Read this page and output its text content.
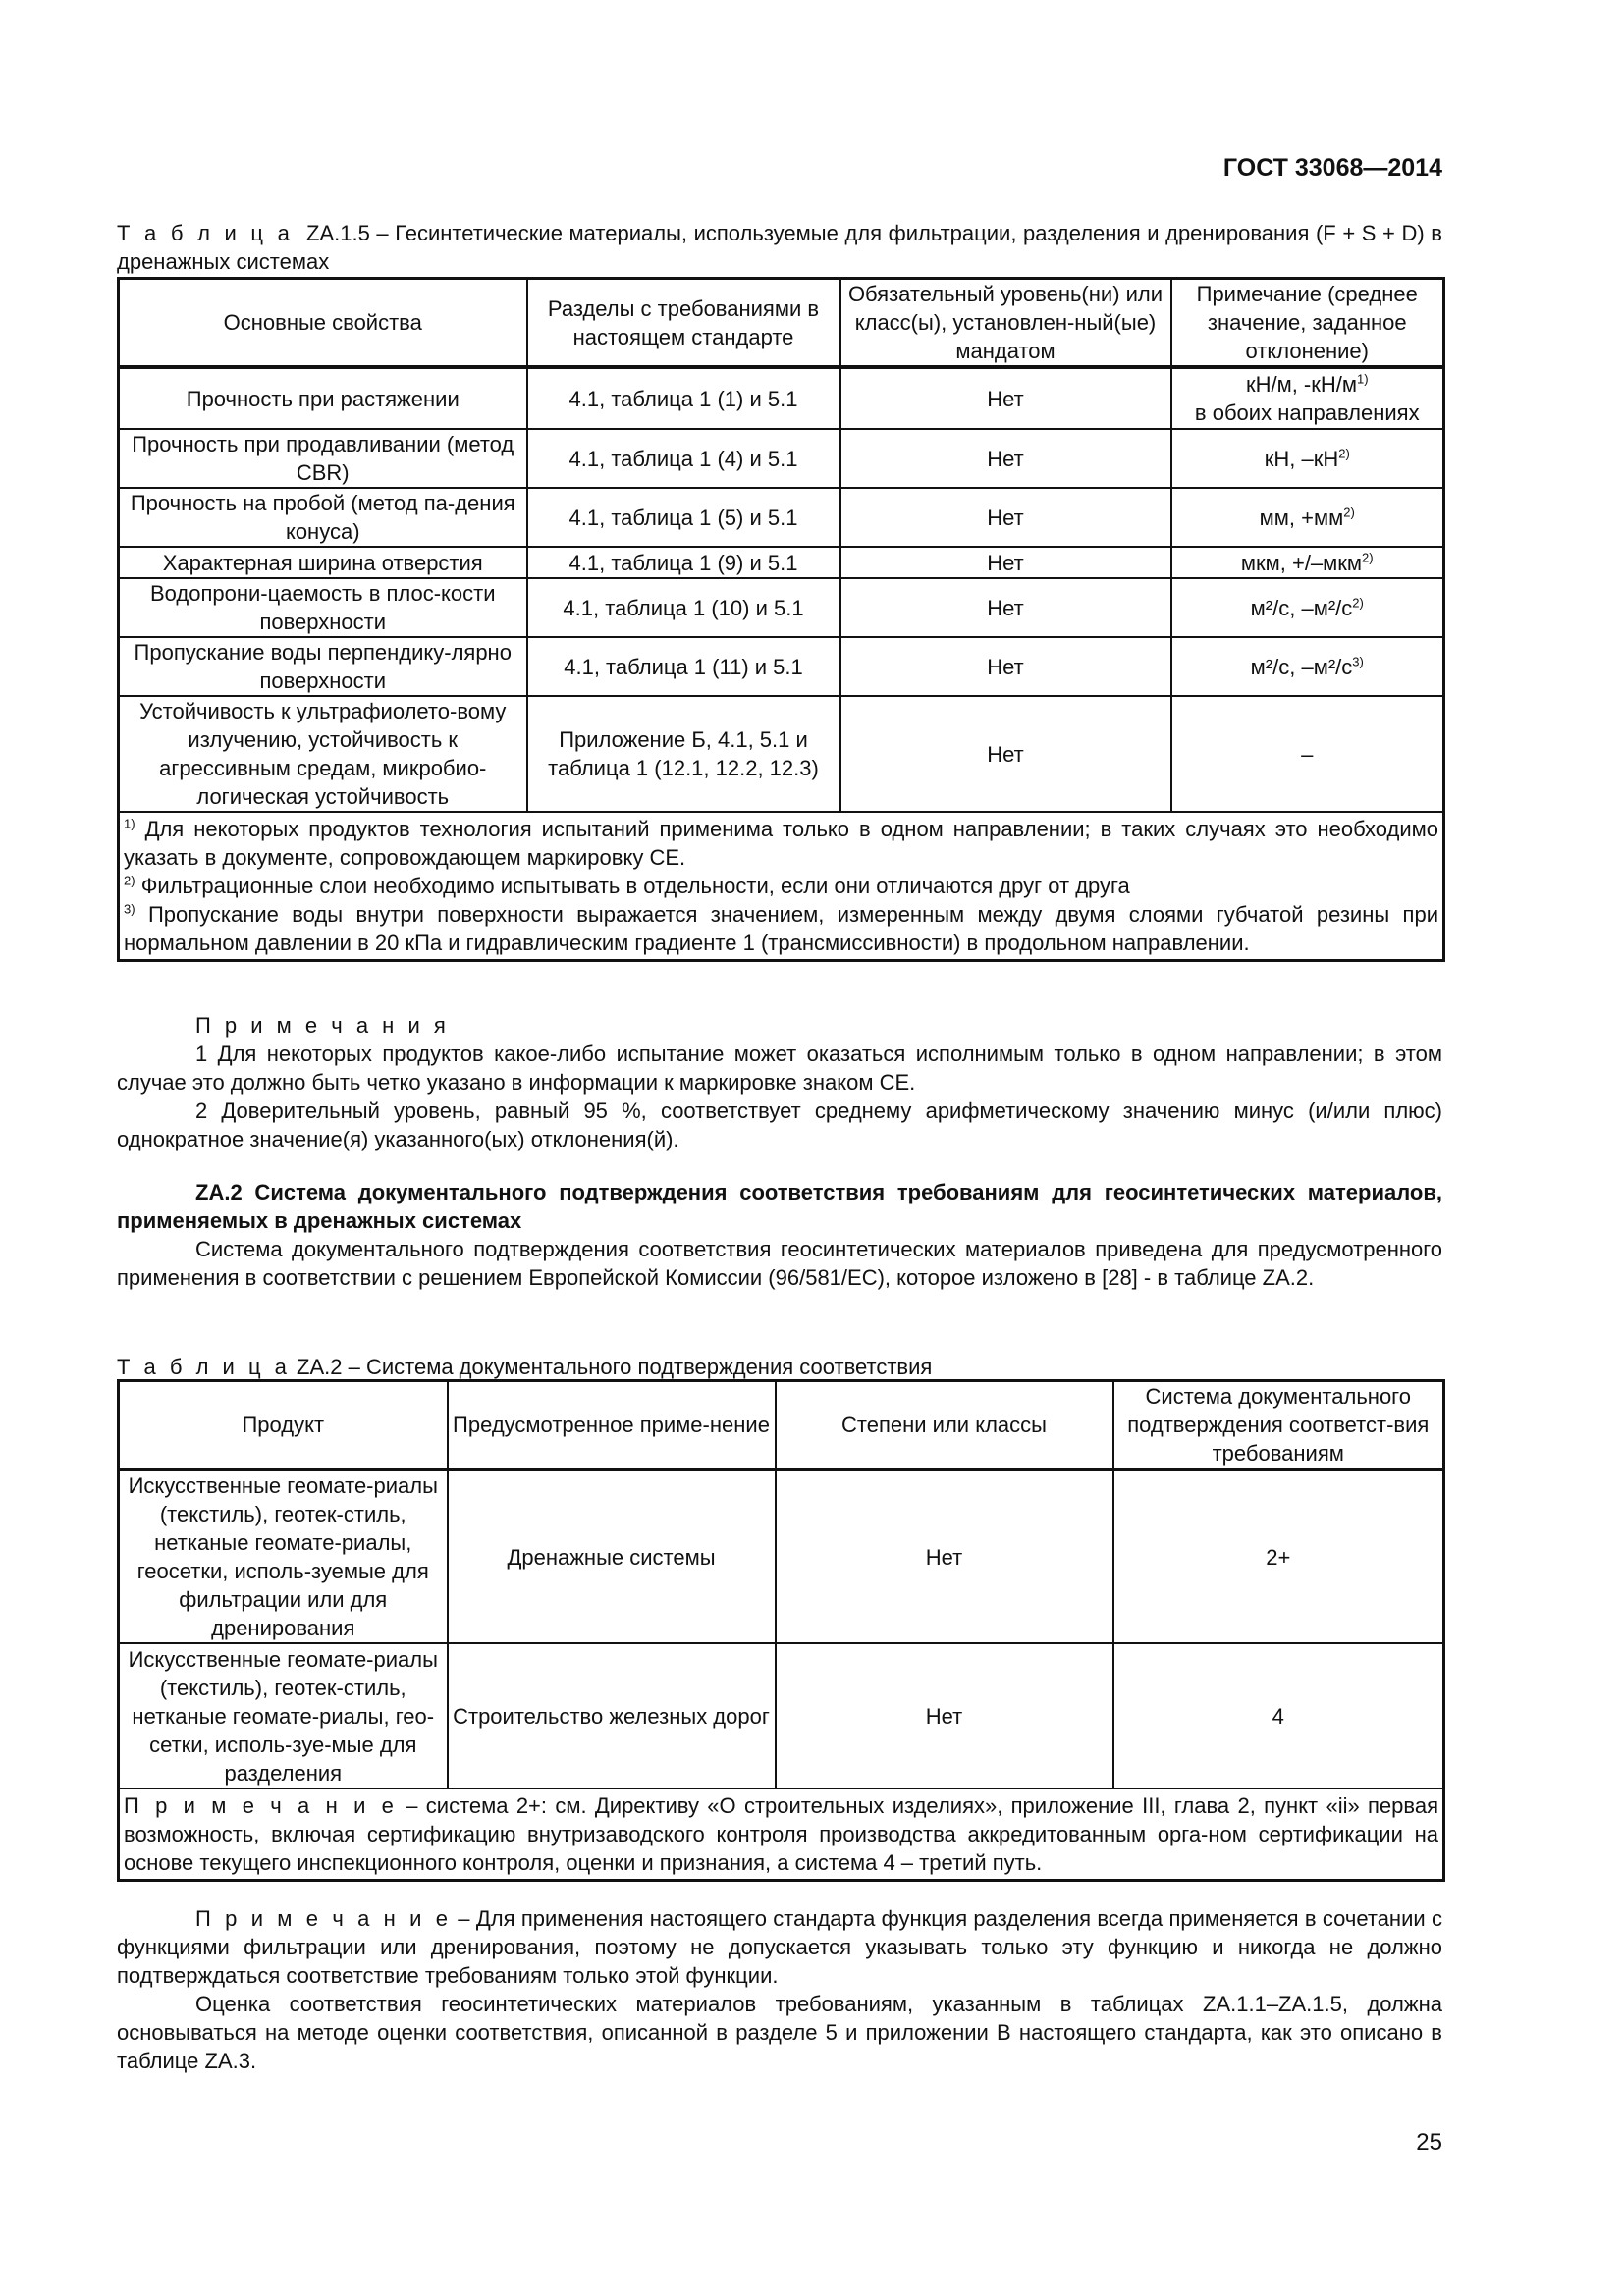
ГОСТ 33068—2014
Т а б л и ц а ZA.1.5 – Гесинтетические материалы, используемые для фильтрации, разделения и дренирования (F + S + D) в дренажных системах
Основные свойства	Разделы с требованиями в настоящем стандарте	Обязательный уровень(ни) или класс(ы), установлен-ный(ые) мандатом	Примечание (среднее значение, заданное отклонение)
Прочность при растяжении	4.1, таблица 1 (1) и 5.1	Нет	кН/м, $-кН/м^{1)}$
в обоих направлениях
Прочность при продавливании (метод CBR)	4.1, таблица 1 (4) и 5.1	Нет	кН, $-кН^{2)}$
Прочность на пробой (метод па-дения конуса)	4.1, таблица 1 (5) и 5.1	Нет	мм, $+мм^{2)}$
Характерная ширина отверстия	4.1, таблица 1 (9) и 5.1	Нет	мкм, +/–мкм$^{2)}$
Водопрони-цаемость в плос-кости поверхности	4.1, таблица 1 (10) и 5.1	Нет	м²/с, $-м^2/с^{2)}$
Пропускание воды перпендику-лярно поверхности	4.1, таблица 1 (11) и 5.1	Нет	м²/с, $-м^2/с^{3)}$
Устойчивость к ультрафиолето-вому излучению, устойчивость к агрессивным средам, микробио-логическая устойчивость	Приложение Б, 4.1, 5.1 и таблица 1 (12.1, 12.2, 12.3)	Нет	–

$^{1)}$ Для некоторых продуктов технология испытаний применима только в одном направлении; в таких случаях это необходимо указать в документе, сопровождающем маркировку CE.
$^{2)}$ Фильтрационные слои необходимо испытывать в отдельности, если они отличаются друг от друга
$^{3)}$ Пропускание воды внутри поверхности выражается значением, измеренным между двумя слоями губчатой резины при нормальном давлении в 20 кПа и гидравлическим градиенте 1 (трансмиссивности) в продольном направлении.			
П р и м е ч а н и я
1 Для некоторых продуктов какое-либо испытание может оказаться исполнимым только в одном направлении; в этом случае это должно быть четко указано в информации к маркировке знаком CE.
2 Доверительный уровень, равный 95 %, соответствует среднему арифметическому значению минус (и/или плюс) однократное значение(я) указанного(ых) отклонения(й).
ZA.2 Система документального подтверждения соответствия требованиям для геосинтетических материалов, применяемых в дренажных системах
Система документального подтверждения соответствия геосинтетических материалов приведена для предусмотренного применения в соответствии с решением Европейской Комиссии (96/581/EC), которое изложено в [28] - в таблице ZA.2.
Т а б л и ц а ZA.2 – Система документального подтверждения соответствия
Продукт	Предусмотренное приме-нение	Степени или классы	Система документального подтверждения соответст-вия требованиям
Искусственные геомате-риалы (текстиль), геотек-стиль, нетканые геомате-риалы, геосетки, исполь-зуемые для фильтрации или для дренирования	Дренажные системы	Нет	2+
Искусственные геомате-риалы (текстиль), геотек-стиль, нетканые геомате-риалы, гео-сетки, исполь-зуе-мые для разделения	Строительство железных дорог	Нет	4
П р и м е ч а н и е – система 2+: см. Директиву «О строительных изделиях», приложение III, глава 2, пункт «ii» первая возможность, включая сертификацию внутризаводского контроля производства аккредитованным орга-ном сертификации на основе текущего инспекционного контроля, оценки и признания, а система 4 – третий путь.			
П р и м е ч а н и е – Для применения настоящего стандарта функция разделения всегда применяется в сочетании с функциями фильтрации или дренирования, поэтому не допускается указывать только эту функцию и никогда не должно подтверждаться соответствие требованиям только этой функции.
Оценка соответствия геосинтетических материалов требованиям, указанным в таблицах ZA.1.1–ZA.1.5, должна основываться на методе оценки соответствия, описанной в разделе 5 и приложении В настоящего стандарта, как это описано в таблице ZA.3.
25
